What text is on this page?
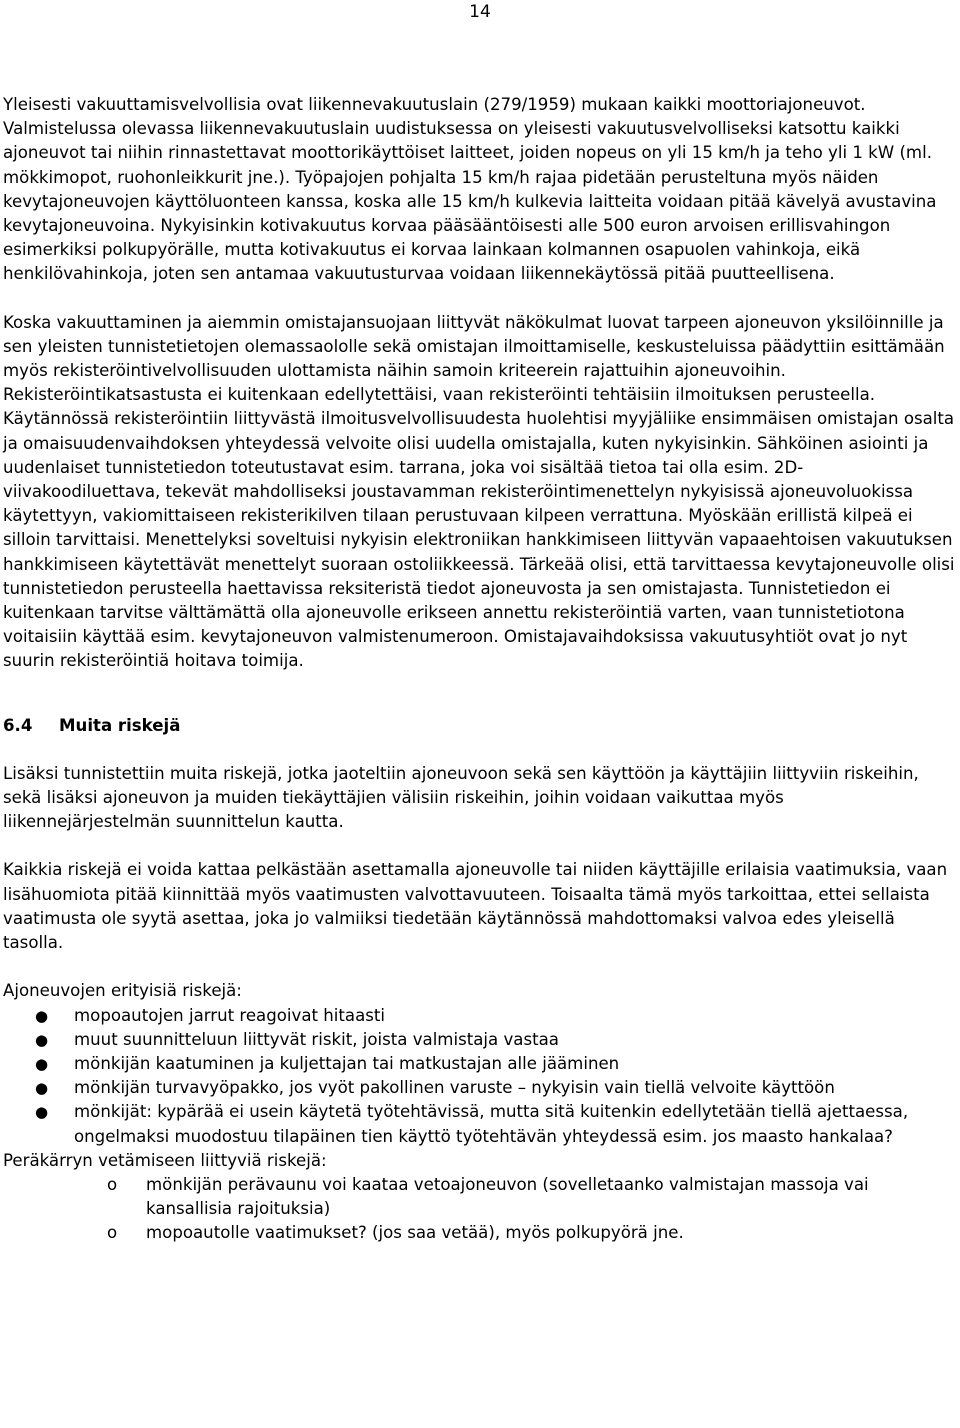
14

Yleisesti vakuuttamisvelvollisia ovat liikennevakuutuslain (279/1959) mukaan kaikki moottoriajoneuvot. Valmistelussa olevassa liikennevakuutuslain uudistuksessa on yleisesti vakuutusvelvolliseksi katsottu kaikki ajoneuvot tai niihin rinnastettavat moottorikäyttöiset laitteet, joiden nopeus on yli 15 km/h ja teho yli 1 kW (ml. mökkimopot, ruohonleikkurit jne.). Työpajojen pohjalta 15 km/h rajaa pidetään perusteltuna myös näiden kevytajoneuvojen käyttöluonteen kanssa, koska alle 15 km/h kulkevia laitteita voidaan pitää kävelyä avustavina kevytajoneuvoina. Nykyisinkin kotivakuutus korvaa pääsääntöisesti alle 500 euron arvoisen erillisvahingon esimerkiksi polkupyörälle, mutta kotivakuutus ei korvaa lainkaan kolmannen osapuolen vahinkoja, eikä henkilövahinkoja, joten sen antamaa vakuutusturvaa voidaan liikennekäytössä pitää puutteellisena.

Koska vakuuttaminen ja aiemmin omistajansuojaan liittyvät näkökulmat luovat tarpeen ajoneuvon yksilöinnille ja sen yleisten tunnistetietojen olemassaololle sekä omistajan ilmoittamiselle, keskusteluissa päädyttiin esittämään myös rekisteröintivelvollisuuden ulottamista näihin samoin kriteerein rajattuihin ajoneuvoihin. Rekisteröintikatsastusta ei kuitenkaan edellytettäisi, vaan rekisteröinti tehtäisiin ilmoituksen perusteella. Käytännössä rekisteröintiin liittyvästä ilmoitusvelvollisuudesta huolehtisi myyjäliike ensimmäisen omistajan osalta ja omaisuudenvaihdoksen yhteydessä velvoite olisi uudella omistajalla, kuten nykyisinkin. Sähköinen asiointi ja uudenlaiset tunnistetiedon toteutustavat esim. tarrana, joka voi sisältää tietoa tai olla esim. 2D-viivakoodiluettava, tekevät mahdolliseksi joustavamman rekisteröintimenettelyn nykyisissä ajoneuvoluokissa käytettyyn, vakiomittaiseen rekisterikilven tilaan perustuvaan kilpeen verrattuna. Myöskään erillistä kilpeä ei silloin tarvittaisi. Menettelyksi soveltuisi nykyisin elektroniikan hankkimiseen liittyvän vapaaehtoisen vakuutuksen hankkimiseen käytettävät menettelyt suoraan ostoliikkeessä. Tärkeää olisi, että tarvittaessa kevytajoneuvolle olisi tunnistetiedon perusteella haettavissa reksiteristä tiedot ajoneuvosta ja sen omistajasta. Tunnistetiedon ei kuitenkaan tarvitse välttämättä olla ajoneuvolle erikseen annettu rekisteröintiä varten, vaan tunnistetiotona voitaisiin käyttää esim. kevytajoneuvon valmistenumeroon. Omistajavaihdoksissa vakuutusyhtiöt ovat jo nyt suurin rekisteröintiä hoitava toimija.

6.4 Muita riskejä

Lisäksi tunnistettiin muita riskejä, jotka jaoteltiin ajoneuvoon sekä sen käyttöön ja käyttäjiin liittyviin riskeihin, sekä lisäksi ajoneuvon ja muiden tiekäyttäjien välisiin riskeihin, joihin voidaan vaikuttaa myös liikennejärjestelmän suunnittelun kautta.

Kaikkia riskejä ei voida kattaa pelkästään asettamalla ajoneuvolle tai niiden käyttäjille erilaisia vaatimuksia, vaan lisähuomiota pitää kiinnittää myös vaatimusten valvottavuuteen. Toisaalta tämä myös tarkoittaa, ettei sellaista vaatimusta ole syytä asettaa, joka jo valmiiksi tiedetään käytännössä mahdottomaksi valvoa edes yleisellä tasolla.

Ajoneuvojen erityisiä riskejä:

● mopoautojen jarrut reagoivat hitaasti
● muut suunnitteluun liittyvät riskit, joista valmistaja vastaa
● mönkijän kaatuminen ja kuljettajan tai matkustajan alle jääminen
● mönkijän turvavyöpakko, jos vyöt pakollinen varuste – nykyisin vain tiellä velvoite käyttöön
● mönkijät: kypärää ei usein käytetä työtehtävissä, mutta sitä kuitenkin edellytetään tiellä ajettaessa, ongelmaksi muodostuu tilapäinen tien käyttö työtehtävän yhteydessä esim. jos maasto hankalaa?

Peräkärryn vetämiseen liittyviä riskejä:

o mönkijän perävaunu voi kaataa vetoajoneuvon (sovelletaanko valmistajan massoja vai kansallisia rajoituksia)
o mopoautolle vaatimukset? (jos saa vetää), myös polkupyörä jne.
